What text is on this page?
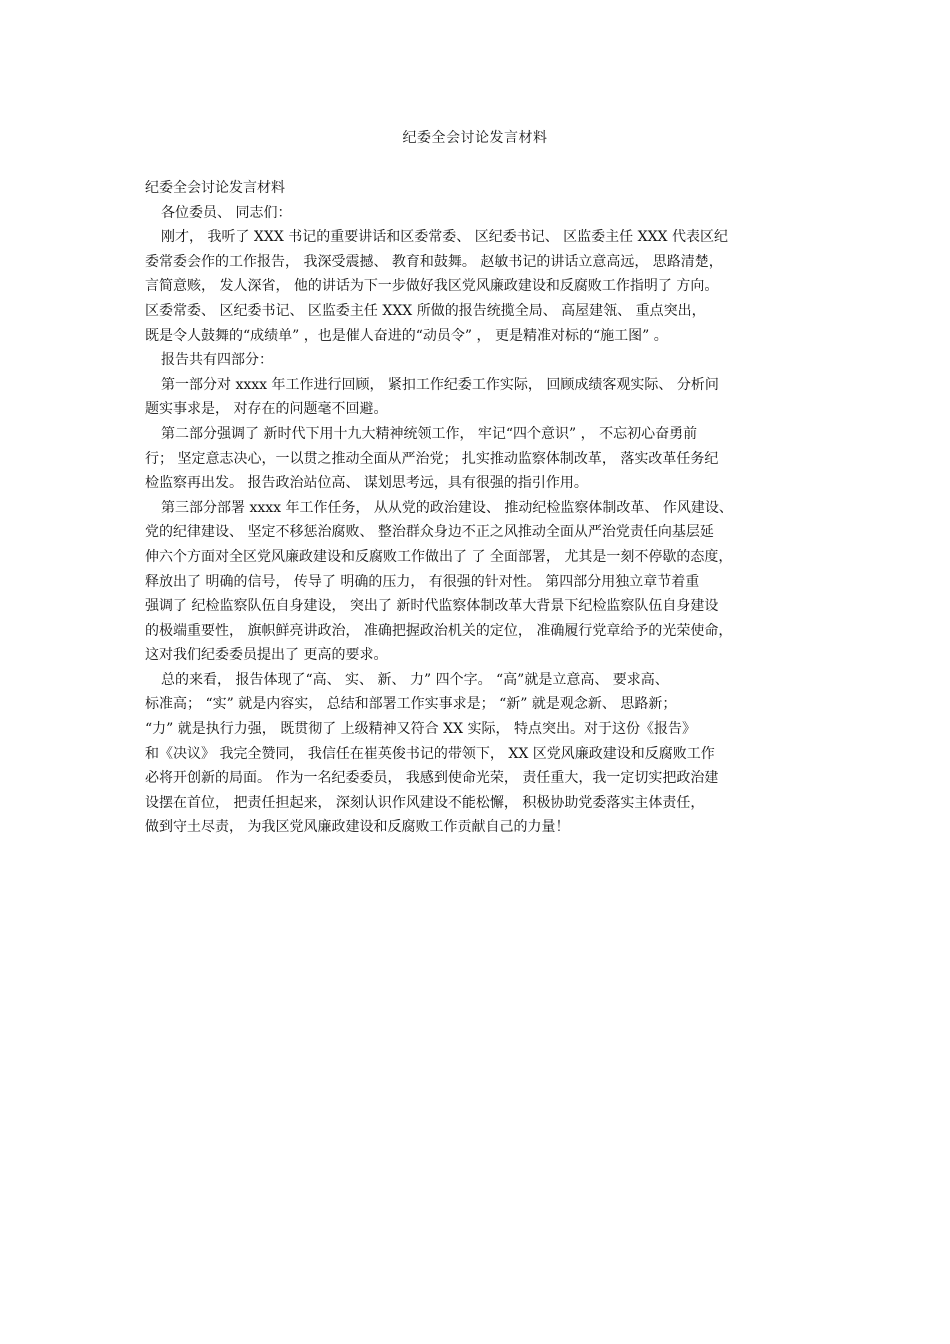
纪委全会讨论发言材料
纪委全会讨论发言材料
各位委员、 同志们：
刚才， 我听了 XXX 书记的重要讲话和区委常委、 区纪委书记、 区监委主任 XXX 代表区纪
委常委会作的工作报告， 我深受震撼、 教育和鼓舞。 赵敏书记的讲话立意高远， 思路清楚，
言简意赅， 发人深省， 他的讲话为下一步做好我区党风廉政建设和反腐败工作指明了 方向。
区委常委、 区纪委书记、 区监委主任 XXX 所做的报告统揽全局、 高屋建瓴、 重点突出，
既是令人鼓舞的“成绩单” ，也是催人奋进的“动员令” ， 更是精准对标的“施工图” 。
报告共有四部分：
第一部分对 xxxx 年工作进行回顾， 紧扣工作纪委工作实际， 回顾成绩客观实际、 分析问
题实事求是， 对存在的问题毫不回避。
第二部分强调了 新时代下用十九大精神统领工作， 牢记“四个意识” ， 不忘初心奋勇前
行； 坚定意志决心，一以贯之推动全面从严治党； 扎实推动监察体制改革， 落实改革任务纪
检监察再出发。 报告政治站位高、 谋划思考远，具有很强的指引作用。
第三部分部署 xxxx 年工作任务， 从从党的政治建设、 推动纪检监察体制改革、 作风建设、
党的纪律建设、 坚定不移惩治腐败、 整治群众身边不正之风推动全面从严治党责任向基层延
伸六个方面对全区党风廉政建设和反腐败工作做出了 了 全面部署， 尤其是一刻不停歇的态度，
释放出了 明确的信号， 传导了 明确的压力， 有很强的针对性。 第四部分用独立章节着重
强调了 纪检监察队伍自身建设， 突出了 新时代监察体制改革大背景下纪检监察队伍自身建设
的极端重要性， 旗帜鲜亮讲政治， 准确把握政治机关的定位， 准确履行党章给予的光荣使命，
这对我们纪委委员提出了 更高的要求。
总的来看， 报告体现了“高、 实、 新、 力” 四个字。 “高”就是立意高、 要求高、
标准高； “实” 就是内容实， 总结和部署工作实事求是； “新” 就是观念新、 思路新；
“力” 就是执行力强， 既贯彻了 上级精神又符合 XX 实际， 特点突出。对于这份《报告》
和《决议》 我完全赞同， 我信任在崔英俊书记的带领下， XX 区党风廉政建设和反腐败工作
必将开创新的局面。 作为一名纪委委员， 我感到使命光荣， 责任重大，我一定切实把政治建
设摆在首位， 把责任担起来， 深刻认识作风建设不能松懈， 积极协助党委落实主体责任，
做到守土尽责， 为我区党风廉政建设和反腐败工作贡献自己的力量！
